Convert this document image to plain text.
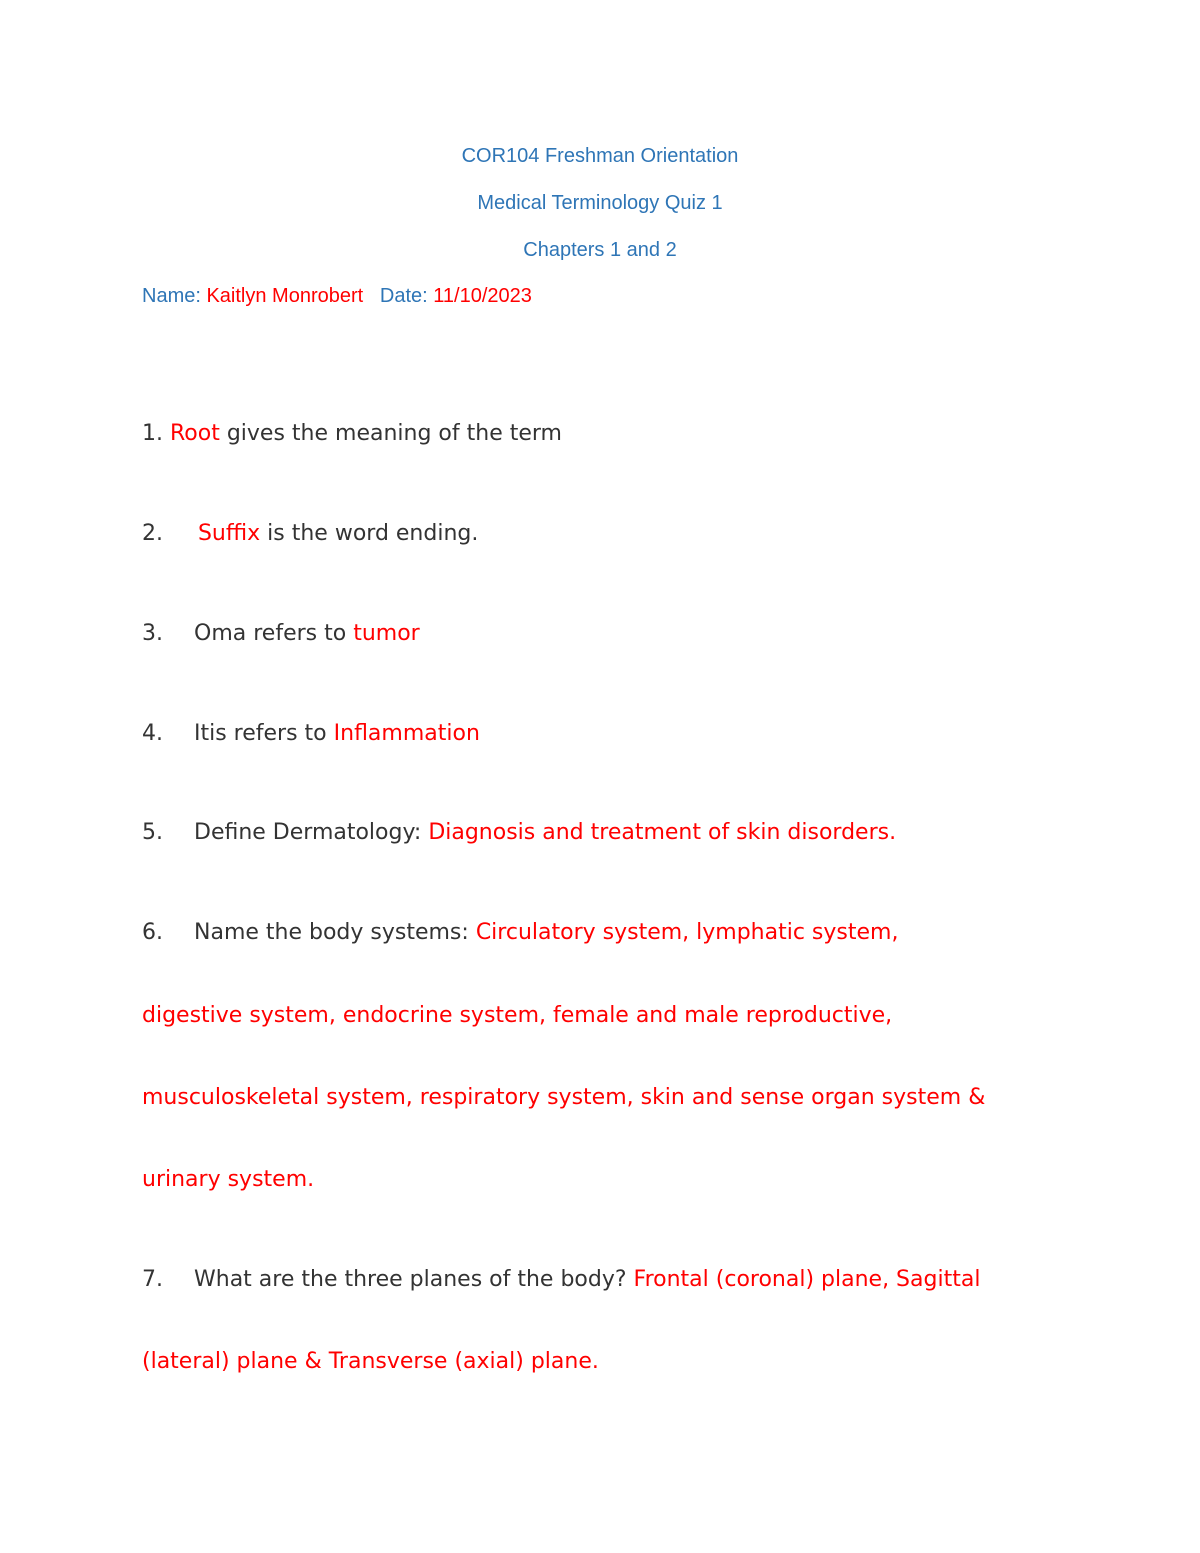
COR104 Freshman Orientation
Medical Terminology Quiz 1
Chapters 1 and 2
Name: Kaitlyn Monrobert Date: 11/10/2023
1. Root gives the meaning of the term
2. Suffix is the word ending.
3. Oma refers to tumor
4. Itis refers to Inflammation
5. Define Dermatology: Diagnosis and treatment of skin disorders.
6. Name the body systems: Circulatory system, lymphatic system,
digestive system, endocrine system, female and male reproductive,
musculoskeletal system, respiratory system, skin and sense organ system &
urinary system.
7. What are the three planes of the body? Frontal (coronal) plane, Sagittal
(lateral) plane & Transverse (axial) plane.
